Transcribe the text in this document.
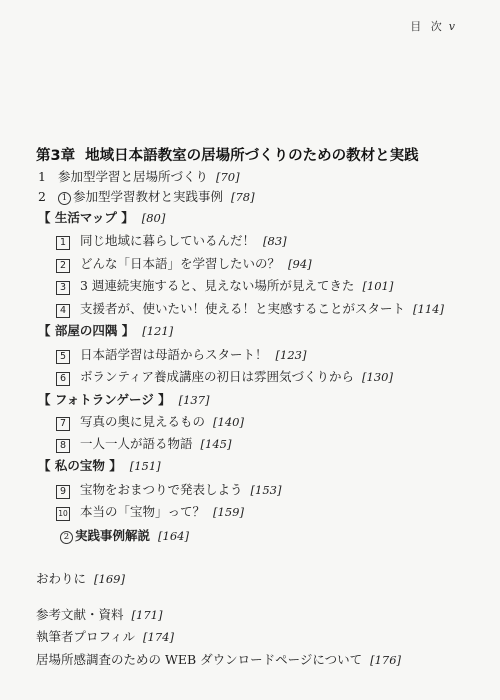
目 次 v
第3章 地域日本語教室の居場所づくりのための教材と実践
1 参加型学習と居場所づくり [70]
2 1 参加型学習教材と実践事例 [78]
【 生活マップ 】 [80]
1 同じ地域に暮らしているんだ！ [83]
2 どんな「日本語」を学習したいの？ [94]
3 3 週連続実施すると、見えない場所が見えてきた [101]
4 支援者が、使いたい！使える！と実感することがスタート [114]
【 部屋の四隅 】 [121]
5 日本語学習は母語からスタート！ [123]
6 ボランティア養成講座の初日は雰囲気づくりから [130]
【 フォトランゲージ 】 [137]
7 写真の奥に見えるもの [140]
8 一人一人が語る物語 [145]
【 私の宝物 】 [151]
9 宝物をおまつりで発表しよう [153]
10 本当の「宝物」って？ [159]
2 実践事例解説 [164]
おわりに [169]
参考文献・資料 [171]
執筆者プロフィル [174]
居場所感調査のための WEB ダウンロードページについて [176]
